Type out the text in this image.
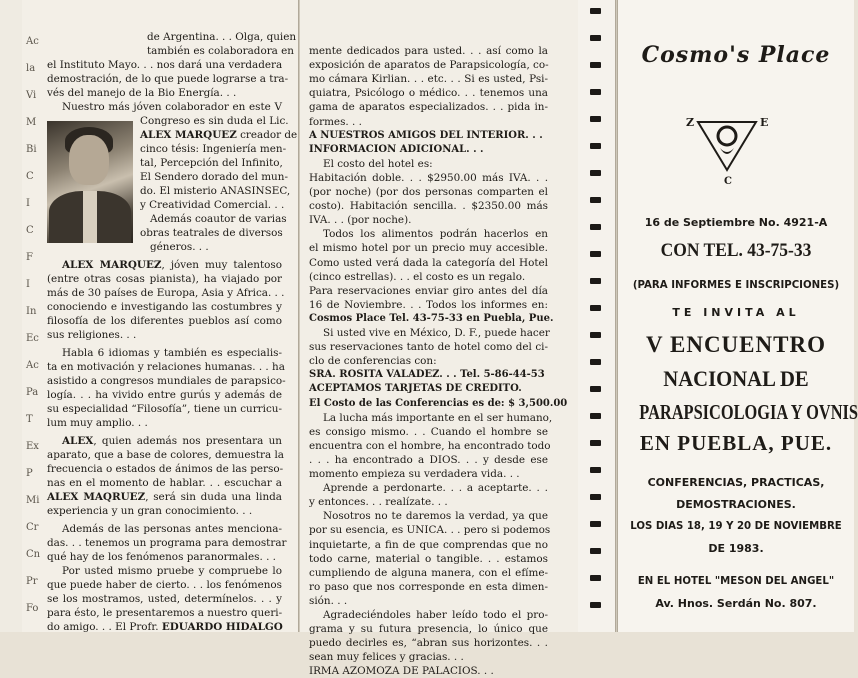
Cosmo's Place
Z	E
C
16 de Septiembre No. 4921-A
CON TEL. 43-75-33
(PARA INFORMES E INSCRIPCIONES)
TE INVITA AL
V ENCUENTRO
NACIONAL DE
PARAPSICOLOGIA Y OVNIS
EN PUEBLA, PUE.
CONFERENCIAS, PRACTICAS,
DEMOSTRACIONES.
LOS DIAS 18, 19 Y 20 DE NOVIEMBRE
DE 1983.
EN EL HOTEL "MESON DEL ANGEL"
Av. Hnos. Serdán No. 807.
Ac
la
Vi
M
Bi
C
I
C
F
I
In
Ec
Ac
Pa
T
Ex
P
Mi
Cr
Cn
Pr
Fo
de Argentina. . . Olga, quien
también es colaboradora en
el Instituto Mayo. . . nos dará una verdadera
demostración, de lo que puede lograrse a tra-
vés del manejo de la Bio Energía. . .
Nuestro más jóven colaborador en este V
Congreso es sin duda el Lic.
ALEX MARQUEZ creador de
cinco tésis: Ingeniería men-
tal, Percepción del Infinito,
El Sendero dorado del mun-
do. El misterio ANASINSEC,
y Creatividad Comercial. . .
Además coautor de varias
obras teatrales de diversos
géneros. . .
ALEX MARQUEZ, jóven muy talentoso
(entre otras cosas pianista), ha viajado por
más de 30 países de Europa, Asia y Africa. . .
conociendo e investigando las costumbres y
filosofía de los diferentes pueblos así como
sus religiones. . .
Habla 6 idiomas y también es especialis-
ta en motivación y relaciones humanas. . . ha
asistido a congresos mundiales de parapsico-
logía. . . ha vivido entre gurús y además de
su especialidad “Filosofía”, tiene un curricu-
lum muy amplio. . .
ALEX, quien además nos presentara un
aparato, que a base de colores, demuestra la
frecuencia o estados de ánimos de las perso-
nas en el momento de hablar. . . escuchar a
ALEX MAQRUEZ, será sin duda una linda
experiencia y un gran conocimiento. . .
Además de las personas antes menciona-
das. . . tenemos un programa para demostrar
qué hay de los fenómenos paranormales. . .
Por usted mismo pruebe y compruebe lo
que puede haber de cierto. . . los fenómenos
se los mostramos, usted, determínelos. . . y
para ésto, le presentaremos a nuestro queri-
do amigo. . . El Profr. EDUARDO HIDALGO
mente dedicados para usted. . . así como la
exposición de aparatos de Parapsicología, co-
mo cámara Kirlian. . . etc. . . Si es usted, Psi-
quiatra, Psicólogo o médico. . . tenemos una
gama de aparatos especializados. . . pida in-
formes. . .
A NUESTROS AMIGOS DEL INTERIOR. . .
INFORMACION ADICIONAL. . .
El costo del hotel es:
Habitación doble. . . $2950.00 más IVA. . .
(por noche) (por dos personas comparten el
costo). Habitación sencilla. . $2350.00 más
IVA. . . (por noche).
Todos los alimentos podrán hacerlos en
el mismo hotel por un precio muy accesible.
Como usted verá dada la categoría del Hotel
(cinco estrellas). . . el costo es un regalo.
Para reservaciones enviar giro antes del día
16 de Noviembre. . . Todos los informes en:
Cosmos Place Tel. 43-75-33 en Puebla, Pue.
Si usted vive en México, D. F., puede hacer
sus reservaciones tanto de hotel como del ci-
clo de conferencias con:
SRA. ROSITA VALADEZ. . . Tel. 5-86-44-53
ACEPTAMOS TARJETAS DE CREDITO.
El Costo de las Conferencias es de: $ 3,500.00
La lucha más importante en el ser humano,
es consigo mismo. . . Cuando el hombre se
encuentra con el hombre, ha encontrado todo
. . . ha encontrado a DIOS. . . y desde ese
momento empieza su verdadera vida. . .
Aprende a perdonarte. . . a aceptarte. . .
y entonces. . . realízate. . .
Nosotros no te daremos la verdad, ya que
por su esencia, es UNICA. . . pero si podemos
inquietarte, a fin de que comprendas que no
todo carne, material o tangible. . . estamos
cumpliendo de alguna manera, con el efíme-
ro paso que nos corresponde en esta dimen-
sión. . .
Agradeciéndoles haber leído todo el pro-
grama y su futura presencia, lo único que
puedo decirles es, “abran sus horizontes. . .
sean muy felices y gracias. . .
IRMA AZOMOZA DE PALACIOS. . .
